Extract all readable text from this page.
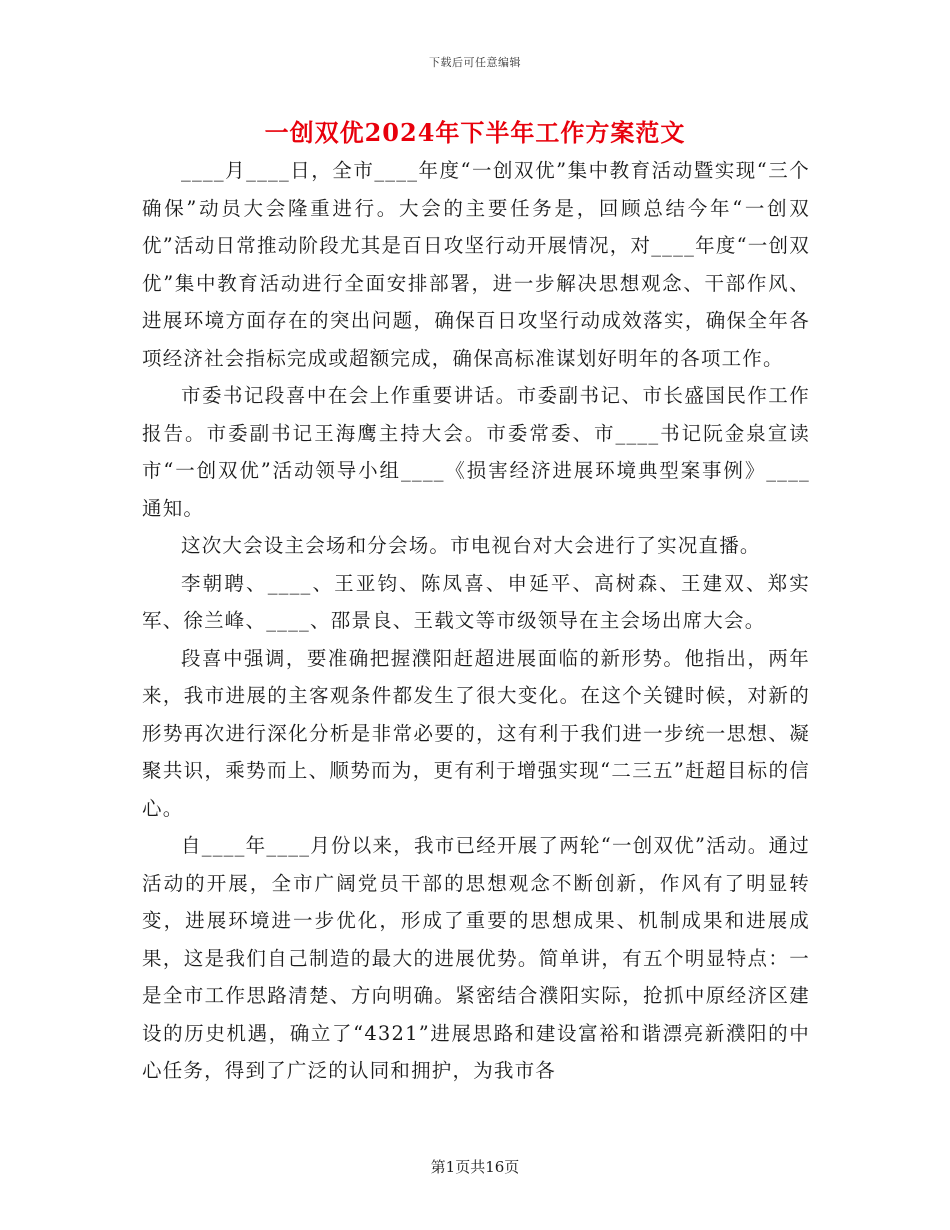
下载后可任意编辑
一创双优2024年下半年工作方案范文

____月____日，全市____年度“一创双优”集中教育活动暨实现“三个确保”动员大会隆重进行。大会的主要任务是，回顾总结今年“一创双优”活动日常推动阶段尤其是百日攻坚行动开展情况，对____年度“一创双优”集中教育活动进行全面安排部署，进一步解决思想观念、干部作风、进展环境方面存在的突出问题，确保百日攻坚行动成效落实，确保全年各项经济社会指标完成或超额完成，确保高标准谋划好明年的各项工作。

市委书记段喜中在会上作重要讲话。市委副书记、市长盛国民作工作报告。市委副书记王海鹰主持大会。市委常委、市____书记阮金泉宣读市“一创双优”活动领导小组____《损害经济进展环境典型案事例》____通知。

这次大会设主会场和分会场。市电视台对大会进行了实况直播。

李朝聘、____、王亚钧、陈凤喜、申延平、高树森、王建双、郑实军、徐兰峰、____、邵景良、王载文等市级领导在主会场出席大会。

段喜中强调，要准确把握濮阳赶超进展面临的新形势。他指出，两年来，我市进展的主客观条件都发生了很大变化。在这个关键时候，对新的形势再次进行深化分析是非常必要的，这有利于我们进一步统一思想、凝聚共识，乘势而上、顺势而为，更有利于增强实现“二三五”赶超目标的信心。

自____年____月份以来，我市已经开展了两轮“一创双优”活动。通过活动的开展，全市广阔党员干部的思想观念不断创新，作风有了明显转变，进展环境进一步优化，形成了重要的思想成果、机制成果和进展成果，这是我们自己制造的最大的进展优势。简单讲，有五个明显特点：一是全市工作思路清楚、方向明确。紧密结合濮阳实际，抢抓中原经济区建设的历史机遇，确立了“4321”进展思路和建设富裕和谐漂亮新濮阳的中心任务，得到了广泛的认同和拥护，为我市各

第1页共16页
